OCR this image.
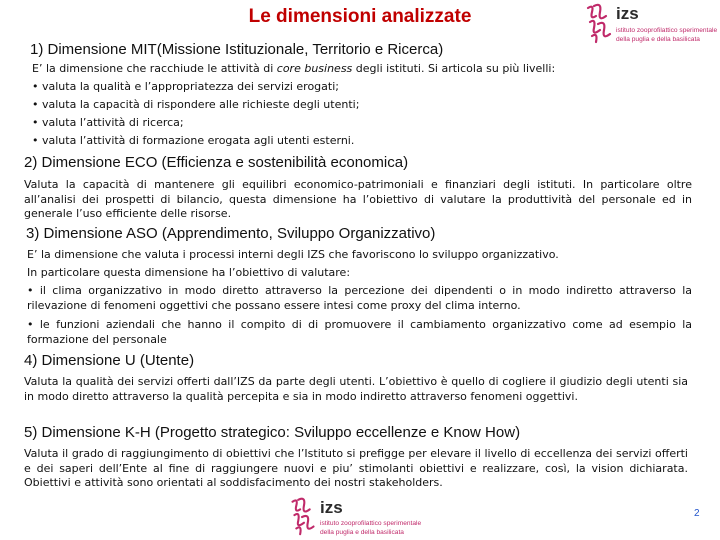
Le dimensioni analizzate	izs
istituto zooprofilattico sperimentale
della puglia e della basilicata
1) Dimensione MIT(Missione Istituzionale, Territorio e Ricerca)
E’ la dimensione che racchiude le attività di core business degli istituti. Si articola su più livelli:
• valuta la qualità e l’appropriatezza dei servizi erogati;
• valuta la capacità di rispondere alle richieste degli utenti;
• valuta l’attività di ricerca;
• valuta l’attività di formazione erogata agli utenti esterni.
2) Dimensione ECO (Efficienza e sostenibilità economica)
Valuta la capacità di mantenere gli equilibri economico-patrimoniali e finanziari degli istituti. In particolare oltre all’analisi dei prospetti di bilancio, questa dimensione ha l’obiettivo di valutare la produttività del personale ed in generale l’uso efficiente delle risorse.
3) Dimensione ASO (Apprendimento, Sviluppo Organizzativo)
E’ la dimensione che valuta i processi interni degli IZS che favoriscono lo sviluppo organizzativo.
In particolare questa dimensione ha l’obiettivo di valutare:
• il clima organizzativo in modo diretto attraverso la percezione dei dipendenti o in modo indiretto attraverso la rilevazione di fenomeni oggettivi che possano essere intesi come proxy del clima interno.
• le funzioni aziendali che hanno il compito di di promuovere il cambiamento organizzativo come ad esempio la formazione del personale
4) Dimensione U (Utente)
Valuta la qualità dei servizi offerti dall’IZS da parte degli utenti. L’obiettivo è quello di cogliere il giudizio degli utenti sia in modo diretto attraverso la qualità percepita e sia in modo indiretto attraverso fenomeni oggettivi.
5) Dimensione K-H (Progetto strategico: Sviluppo eccellenze e Know How)
Valuta il grado di raggiungimento di obiettivi che l’Istituto si prefigge per elevare il livello di eccellenza dei servizi offerti e dei saperi dell’Ente al fine di raggiungere nuovi e piu’ stimolanti obiettivi e realizzare, così, la vision dichiarata. Obiettivi e attività sono orientati al soddisfacimento dei nostri stakeholders.
izs
istituto zooprofilattico sperimentale
della puglia e della basilicata
2
